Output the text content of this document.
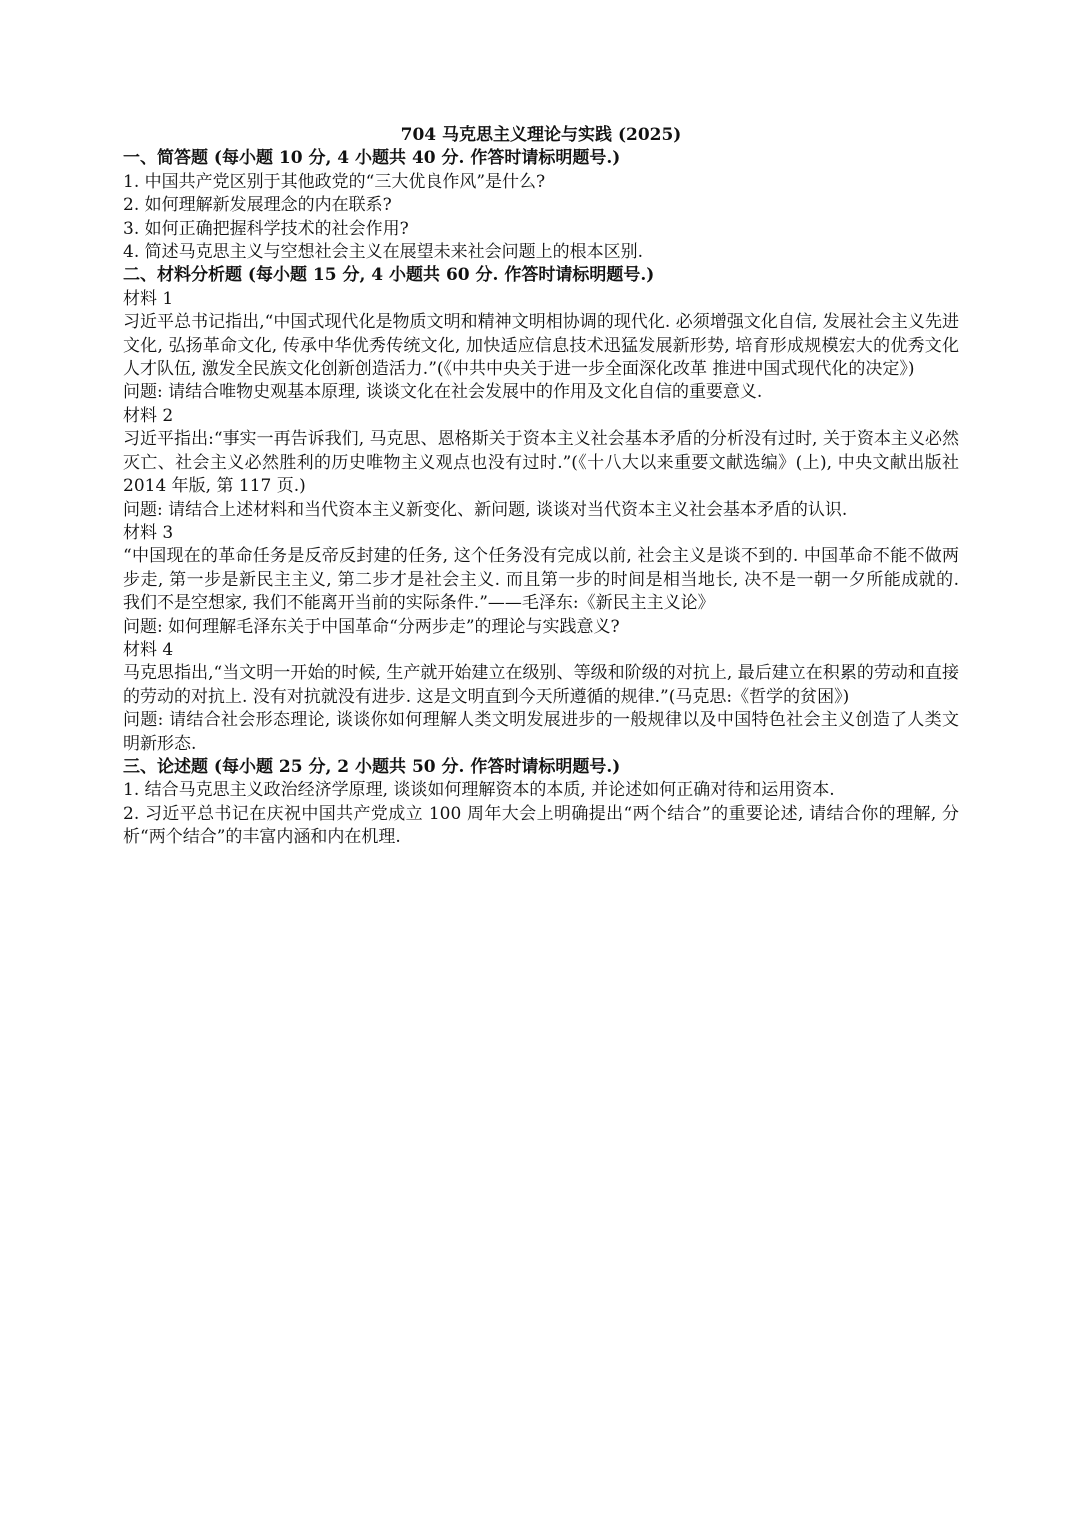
704 马克思主义理论与实践 (2025)

一、简答题 (每小题 10 分, 4 小题共 40 分. 作答时请标明题号.)

1. 中国共产党区别于其他政党的“三大优良作风”是什么?

2. 如何理解新发展理念的内在联系?

3. 如何正确把握科学技术的社会作用?

4. 简述马克思主义与空想社会主义在展望未来社会问题上的根本区别.

二、材料分析题 (每小题 15 分, 4 小题共 60 分. 作答时请标明题号.)

材料 1

习近平总书记指出,“中国式现代化是物质文明和精神文明相协调的现代化. 必须增强文化自信, 发展社会主义先进文化, 弘扬革命文化, 传承中华优秀传统文化, 加快适应信息技术迅猛发展新形势, 培育形成规模宏大的优秀文化人才队伍, 激发全民族文化创新创造活力.”(《中共中央关于进一步全面深化改革 推进中国式现代化的决定》)

问题: 请结合唯物史观基本原理, 谈谈文化在社会发展中的作用及文化自信的重要意义.

材料 2

习近平指出:“事实一再告诉我们, 马克思、恩格斯关于资本主义社会基本矛盾的分析没有过时, 关于资本主义必然灭亡、社会主义必然胜利的历史唯物主义观点也没有过时.”(《十八大以来重要文献选编》(上), 中央文献出版社 2014 年版, 第 117 页.)

问题: 请结合上述材料和当代资本主义新变化、新问题, 谈谈对当代资本主义社会基本矛盾的认识.

材料 3

“中国现在的革命任务是反帝反封建的任务, 这个任务没有完成以前, 社会主义是谈不到的. 中国革命不能不做两步走, 第一步是新民主主义, 第二步才是社会主义. 而且第一步的时间是相当地长, 决不是一朝一夕所能成就的. 我们不是空想家, 我们不能离开当前的实际条件.”——毛泽东:《新民主主义论》

问题: 如何理解毛泽东关于中国革命“分两步走”的理论与实践意义?

材料 4

马克思指出,“当文明一开始的时候, 生产就开始建立在级别、等级和阶级的对抗上, 最后建立在积累的劳动和直接的劳动的对抗上. 没有对抗就没有进步. 这是文明直到今天所遵循的规律.”(马克思:《哲学的贫困》)

问题: 请结合社会形态理论, 谈谈你如何理解人类文明发展进步的一般规律以及中国特色社会主义创造了人类文明新形态.

三、论述题 (每小题 25 分, 2 小题共 50 分. 作答时请标明题号.)

1. 结合马克思主义政治经济学原理, 谈谈如何理解资本的本质, 并论述如何正确对待和运用资本.

2. 习近平总书记在庆祝中国共产党成立 100 周年大会上明确提出“两个结合”的重要论述, 请结合你的理解, 分析“两个结合”的丰富内涵和内在机理.
